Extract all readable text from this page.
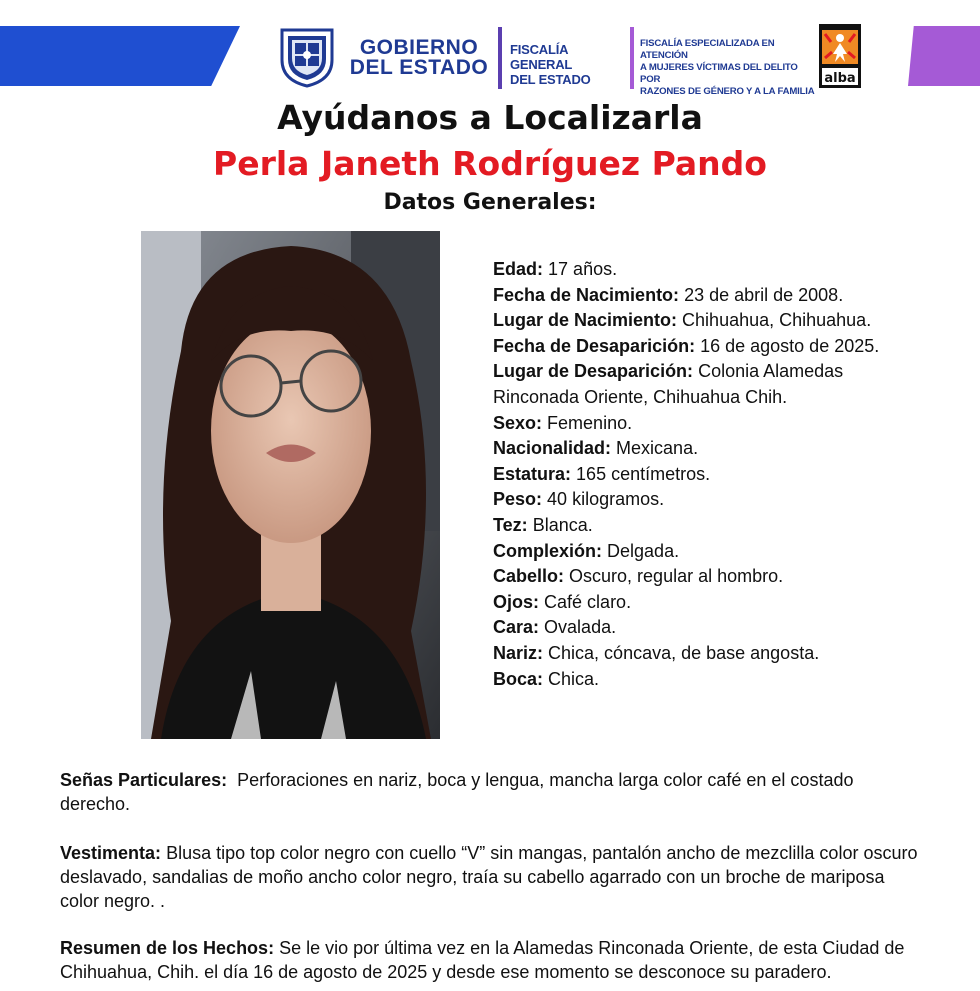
GOBIERNO
DEL ESTADO
FISCALÍA GENERAL
DEL ESTADO
FISCALÍA ESPECIALIZADA EN ATENCIÓN
A MUJERES VÍCTIMAS DEL DELITO POR
RAZONES DE GÉNERO Y A LA FAMILIA
alba
Ayúdanos a Localizarla
Perla Janeth Rodríguez Pando
Datos Generales:
Edad: 17 años.
Fecha de Nacimiento: 23 de abril de 2008.
Lugar de Nacimiento: Chihuahua, Chihuahua.
Fecha de Desaparición: 16 de agosto de 2025.
Lugar de Desaparición: Colonia Alamedas Rinconada Oriente, Chihuahua Chih.
Sexo: Femenino.
Nacionalidad: Mexicana.
Estatura: 165 centímetros.
Peso: 40 kilogramos.
Tez: Blanca.
Complexión: Delgada.
Cabello: Oscuro, regular al hombro.
Ojos: Café claro.
Cara: Ovalada.
Nariz: Chica, cóncava, de base angosta.
Boca: Chica.
Señas Particulares: Perforaciones en nariz, boca y lengua, mancha larga color café en el costado derecho.
Vestimenta: Blusa tipo top color negro con cuello “V” sin mangas, pantalón ancho de mezclilla color oscuro deslavado, sandalias de moño ancho color negro, traía su cabello agarrado con un broche de mariposa color negro. .
Resumen de los Hechos: Se le vio por última vez en la Alamedas Rinconada Oriente, de esta Ciudad de Chihuahua, Chih. el día 16 de agosto de 2025 y desde ese momento se desconoce su paradero.
